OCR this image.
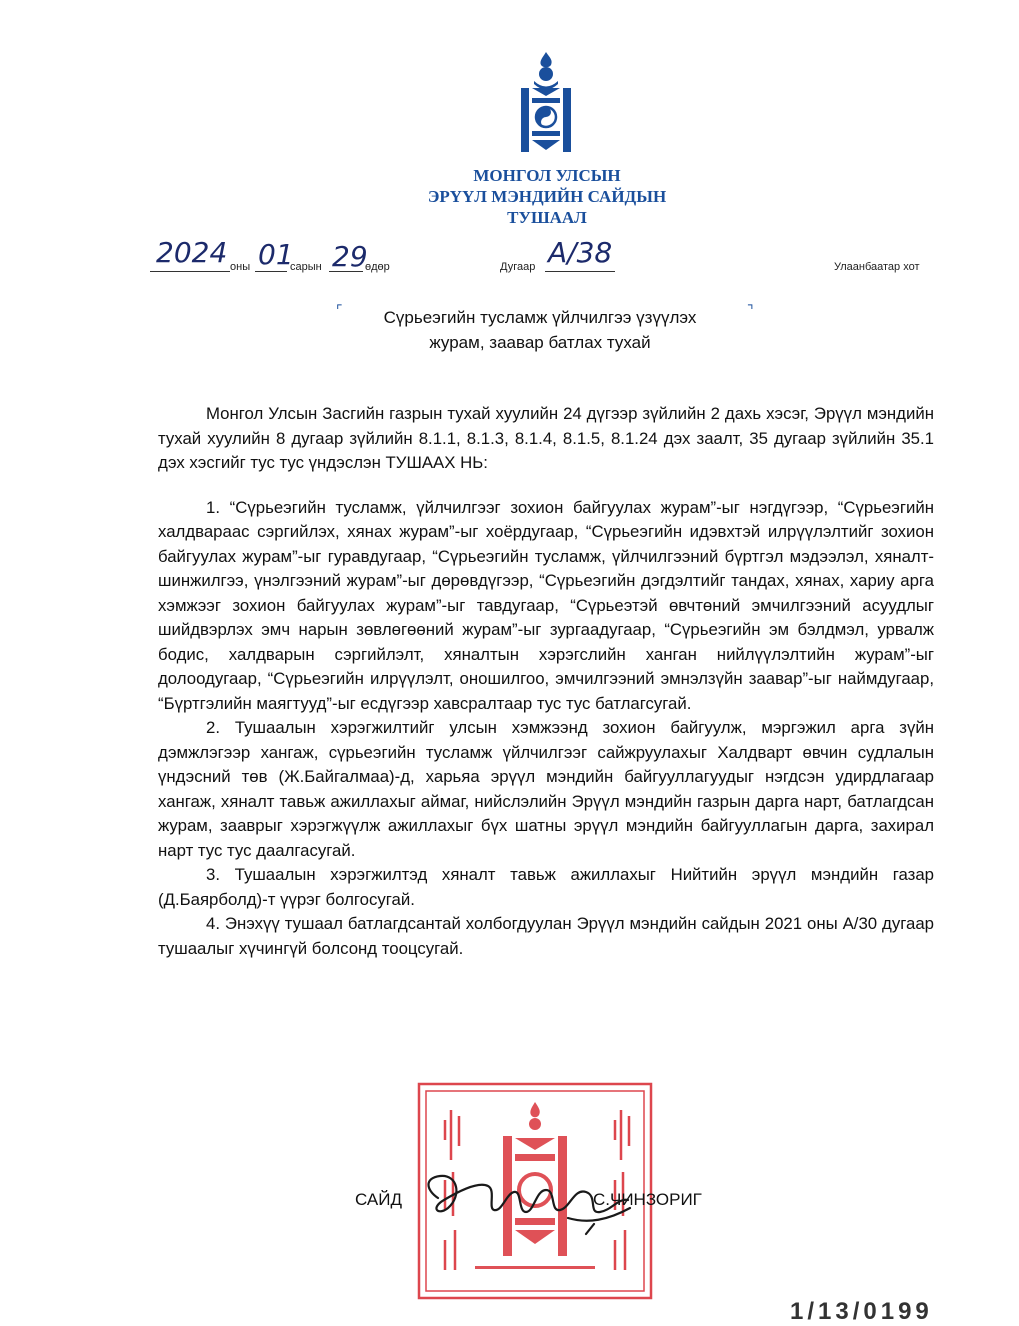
МОНГОЛ УЛСЫН
ЭРҮҮЛ МЭНДИЙН САЙДЫН
ТУШААЛ
2024 оны 01
сарын 29
өдөр	Дугаар А/38	Улаанбаатар хот
⌜	⌝
Сүрьеэгийн тусламж үйлчилгээ үзүүлэх
журам, заавар батлах тухай

Монгол Улсын Засгийн газрын тухай хуулийн 24 дүгээр зүйлийн 2 дахь хэсэг, Эрүүл мэндийн тухай хуулийн 8 дугаар зүйлийн 8.1.1, 8.1.3, 8.1.4, 8.1.5, 8.1.24 дэх заалт, 35 дугаар зүйлийн 35.1 дэх хэсгийг тус тус үндэслэн ТУШААХ НЬ:

1. “Сүрьеэгийн тусламж, үйлчилгээг зохион байгуулах журам”-ыг нэгдүгээр, “Сүрьеэгийн халдвараас сэргийлэх, хянах журам”-ыг хоёрдугаар, “Сүрьеэгийн идэвхтэй илрүүлэлтийг зохион байгуулах журам”-ыг гуравдугаар, “Сүрьеэгийн тусламж, үйлчилгээний бүртгэл мэдээлэл, хяналт-шинжилгээ, үнэлгээний журам”-ыг дөрөвдүгээр, “Сүрьеэгийн дэгдэлтийг тандах, хянах, хариу арга хэмжээг зохион байгуулах журам”-ыг тавдугаар, “Сүрьеэтэй өвчтөний эмчилгээний асуудлыг шийдвэрлэх эмч нарын зөвлөгөөний журам”-ыг зургаадугаар, “Сүрьеэгийн эм бэлдмэл, урвалж бодис, халдварын сэргийлэлт, хяналтын хэрэгслийн ханган нийлүүлэлтийн журам”-ыг долоодугаар, “Сүрьеэгийн илрүүлэлт, оношилгоо, эмчилгээний эмнэлзүйн заавар”-ыг наймдугаар, “Бүртгэлийн маягтууд”-ыг есдүгээр хавсралтаар тус тус батлагсугай.

2. Тушаалын хэрэгжилтийг улсын хэмжээнд зохион байгуулж, мэргэжил арга зүйн дэмжлэгээр хангаж, сүрьеэгийн тусламж үйлчилгээг сайжруулахыг Халдварт өвчин судлалын үндэсний төв (Ж.Байгалмаа)-д, харьяа эрүүл мэндийн байгууллагуудыг нэгдсэн удирдлагаар хангаж, хяналт тавьж ажиллахыг аймаг, нийслэлийн Эрүүл мэндийн газрын дарга нарт, батлагдсан журам, зааврыг хэрэгжүүлж ажиллахыг бүх шатны эрүүл мэндийн байгууллагын дарга, захирал нарт тус тус даалгасугай.

3. Тушаалын хэрэгжилтэд хяналт тавьж ажиллахыг Нийтийн эрүүл мэндийн газар (Д.Баярболд)-т үүрэг болгосугай.

4. Энэхүү тушаал батлагдсантай холбогдуулан Эрүүл мэндийн сайдын 2021 оны А/30 дугаар тушаалыг хүчингүй болсонд тооцсугай.

САЙД	С.ЧИНЗОРИГ
1/13/0199
